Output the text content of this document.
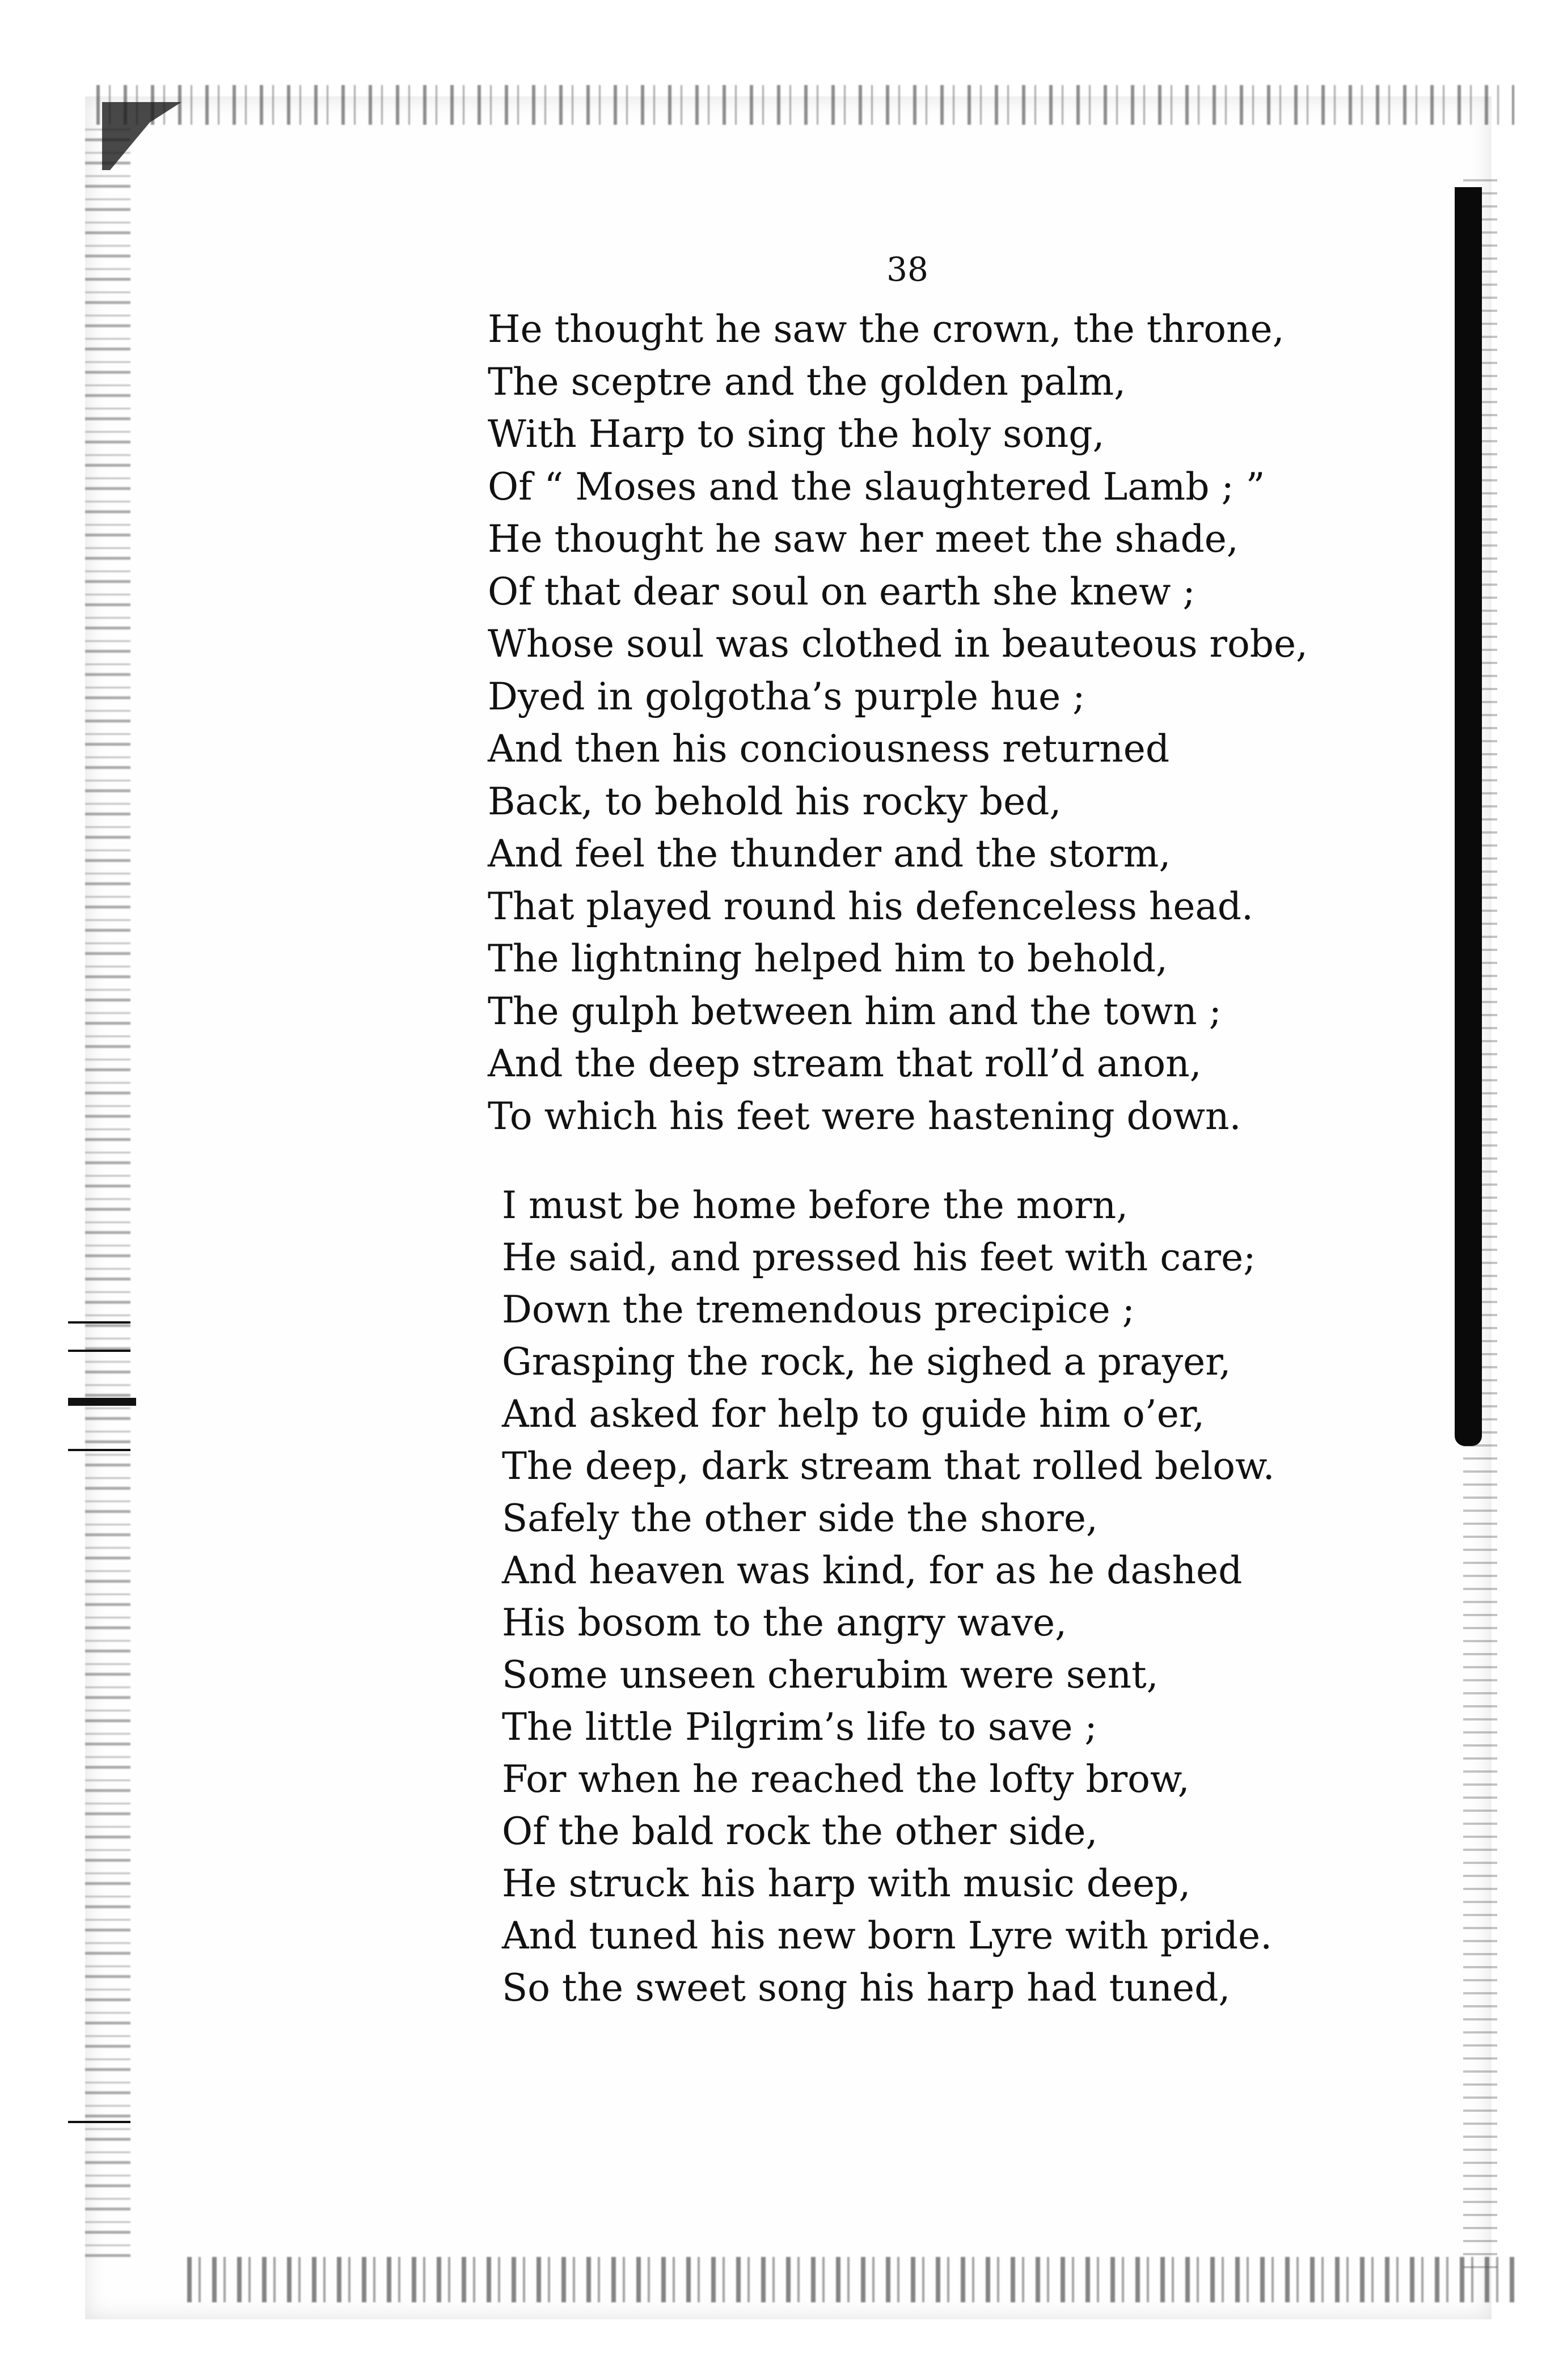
38

He thought he saw the crown, the throne,

The sceptre and the golden palm,

With Harp to sing the holy song,

Of “ Moses and the slaughtered Lamb ; ”

He thought he saw her meet the shade,

Of that dear soul on earth she knew ;

Whose soul was clothed in beauteous robe,

Dyed in golgotha’s purple hue ;

And then his conciousness returned

Back, to behold his rocky bed,

And feel the thunder and the storm,

That played round his defenceless head.

The lightning helped him to behold,

The gulph between him and the town ;

And the deep stream that roll’d anon,

To which his feet were hastening down.

I must be home before the morn,

He said, and pressed his feet with care;

Down the tremendous precipice ;

Grasping the rock, he sighed a prayer,

And asked for help to guide him o’er,

The deep, dark stream that rolled below.

Safely the other side the shore,

And heaven was kind, for as he dashed

His bosom to the angry wave,

Some unseen cherubim were sent,

The little Pilgrim’s life to save ;

For when he reached the lofty brow,

Of the bald rock the other side,

He struck his harp with music deep,

And tuned his new born Lyre with pride.

So the sweet song his harp had tuned,
